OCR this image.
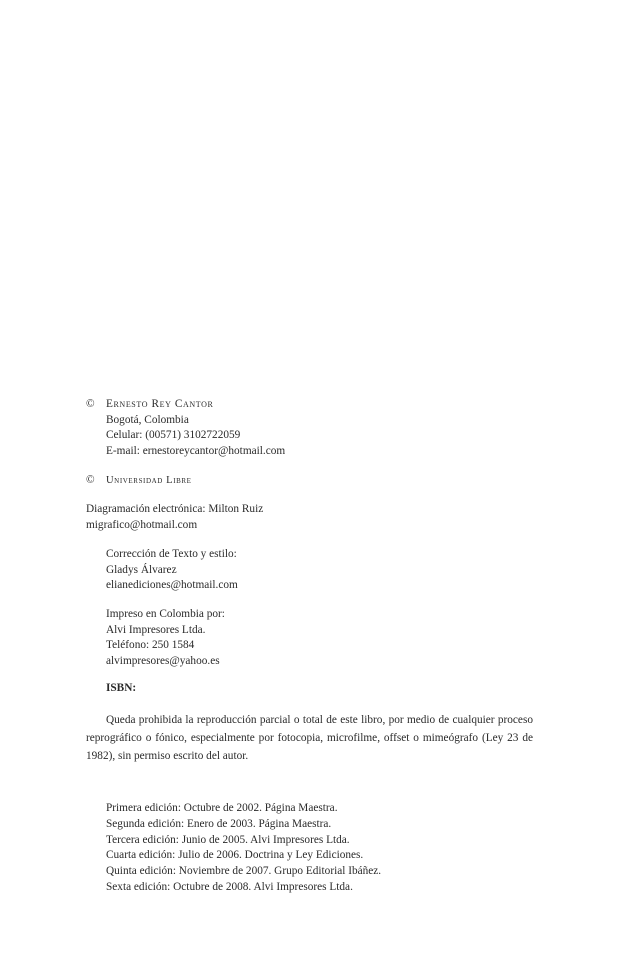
© Ernesto Rey Cantor
Bogotá, Colombia
Celular: (00571) 3102722059
E-mail: ernestoreycantor@hotmail.com
© Universidad Libre
Diagramación electrónica: Milton Ruiz
migrafico@hotmail.com
Corrección de Texto y estilo:
Gladys Álvarez
elianediciones@hotmail.com
Impreso en Colombia por:
Alvi Impresores Ltda.
Teléfono: 250 1584
alvimpresores@yahoo.es
ISBN:

Queda prohibida la reproducción parcial o total de este libro, por medio de cualquier proceso reprográfico o fónico, especialmente por fotocopia, microfilme, offset o mimeógrafo (Ley 23 de 1982), sin permiso escrito del autor.

Primera edición: Octubre de 2002. Página Maestra.
Segunda edición: Enero de 2003. Página Maestra.
Tercera edición: Junio de 2005. Alvi Impresores Ltda.
Cuarta edición: Julio de 2006. Doctrina y Ley Ediciones.
Quinta edición: Noviembre de 2007. Grupo Editorial Ibáñez.
Sexta edición: Octubre de 2008. Alvi Impresores Ltda.
